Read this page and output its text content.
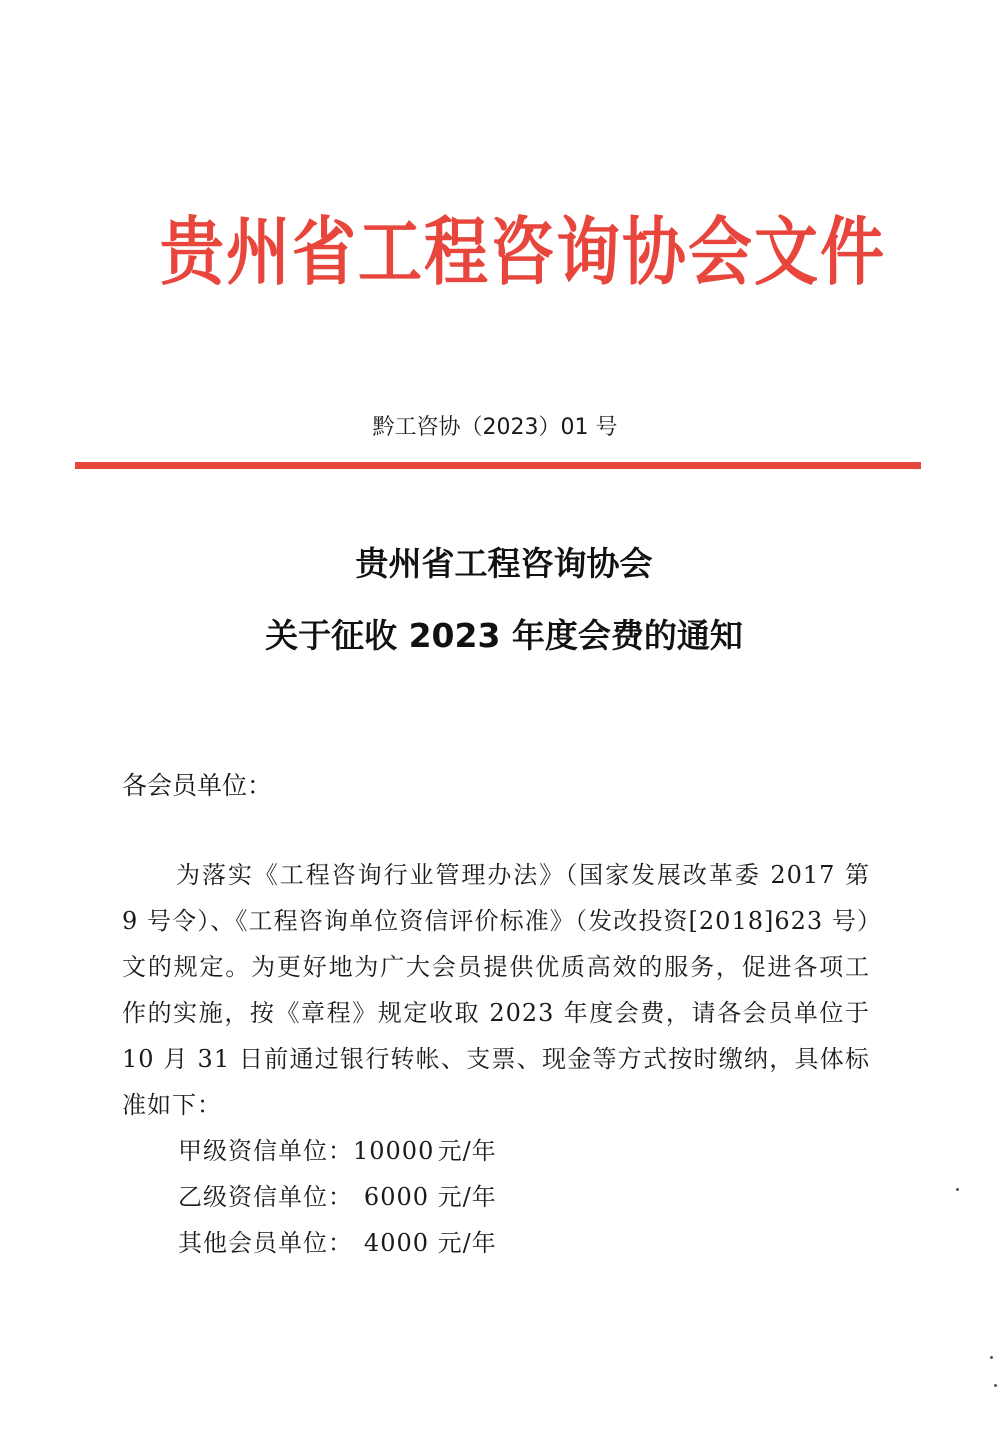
贵州省工程咨询协会文件
黔工咨协（2023）01 号
贵州省工程咨询协会
关于征收 2023 年度会费的通知
各会员单位：

为落实《工程咨询行业管理办法》（国家发展改革委 2017 第 9 号令）、《工程咨询单位资信评价标准》（发改投资[2018]623 号）文的规定。为更好地为广大会员提供优质高效的服务，促进各项工作的实施，按《章程》规定收取 2023 年度会费，请各会员单位于 10 月 31 日前通过银行转帐、支票、现金等方式按时缴纳，具体标准如下：

甲级资信单位：10000 元/年
乙级资信单位： 6000 元/年
其他会员单位： 4000 元/年
